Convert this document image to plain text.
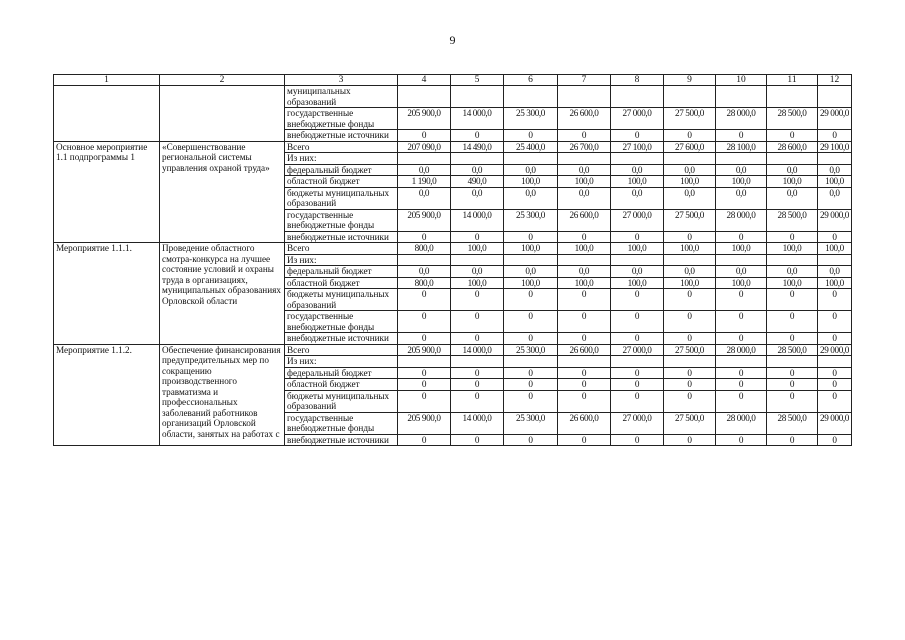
9
1	2	3	4	5	6	7	8	9	10	11	12
		муниципальных образований									
		государственные внебюджетные фонды	205 900,0	14 000,0	25 300,0	26 600,0	27 000,0	27 500,0	28 000,0	28 500,0	29 000,0
		внебюджетные источники	0	0	0	0	0	0	0	0	0
Основное мероприятие 1.1 подпрограммы 1	«Совершенствование региональной системы управления охраной труда»	Всего	207 090,0	14 490,0	25 400,0	26 700,0	27 100,0	27 600,0	28 100,0	28 600,0	29 100,0
		Из них:									
		федеральный бюджет	0,0	0,0	0,0	0,0	0,0	0,0	0,0	0,0	0,0
		областной бюджет	1 190,0	490,0	100,0	100,0	100,0	100,0	100,0	100,0	100,0
		бюджеты муниципальных образований	0,0	0,0	0,0	0,0	0,0	0,0	0,0	0,0	0,0
		государственные внебюджетные фонды	205 900,0	14 000,0	25 300,0	26 600,0	27 000,0	27 500,0	28 000,0	28 500,0	29 000,0
		внебюджетные источники	0	0	0	0	0	0	0	0	0
Мероприятие 1.1.1.	Проведение областного смотра-конкурса на лучшее состояние условий и охраны труда в организациях, муниципальных образованиях Орловской области	Всего	800,0	100,0	100,0	100,0	100,0	100,0	100,0	100,0	100,0
		Из них:									
		федеральный бюджет	0,0	0,0	0,0	0,0	0,0	0,0	0,0	0,0	0,0
		областной бюджет	800,0	100,0	100,0	100,0	100,0	100,0	100,0	100,0	100,0
		бюджеты муниципальных образований	0	0	0	0	0	0	0	0	0
		государственные внебюджетные фонды	0	0	0	0	0	0	0	0	0
		внебюджетные источники	0	0	0	0	0	0	0	0	0
Мероприятие 1.1.2.	Обеспечение финансирования предупредительных мер по сокращению производственного травматизма и профессиональных заболеваний работников организаций Орловской области, занятых на работах с	Всего	205 900,0	14 000,0	25 300,0	26 600,0	27 000,0	27 500,0	28 000,0	28 500,0	29 000,0
		Из них:									
		федеральный бюджет	0	0	0	0	0	0	0	0	0
		областной бюджет	0	0	0	0	0	0	0	0	0
		бюджеты муниципальных образований	0	0	0	0	0	0	0	0	0
		государственные внебюджетные фонды	205 900,0	14 000,0	25 300,0	26 600,0	27 000,0	27 500,0	28 000,0	28 500,0	29 000,0
		внебюджетные источники	0	0	0	0	0	0	0	0	0
